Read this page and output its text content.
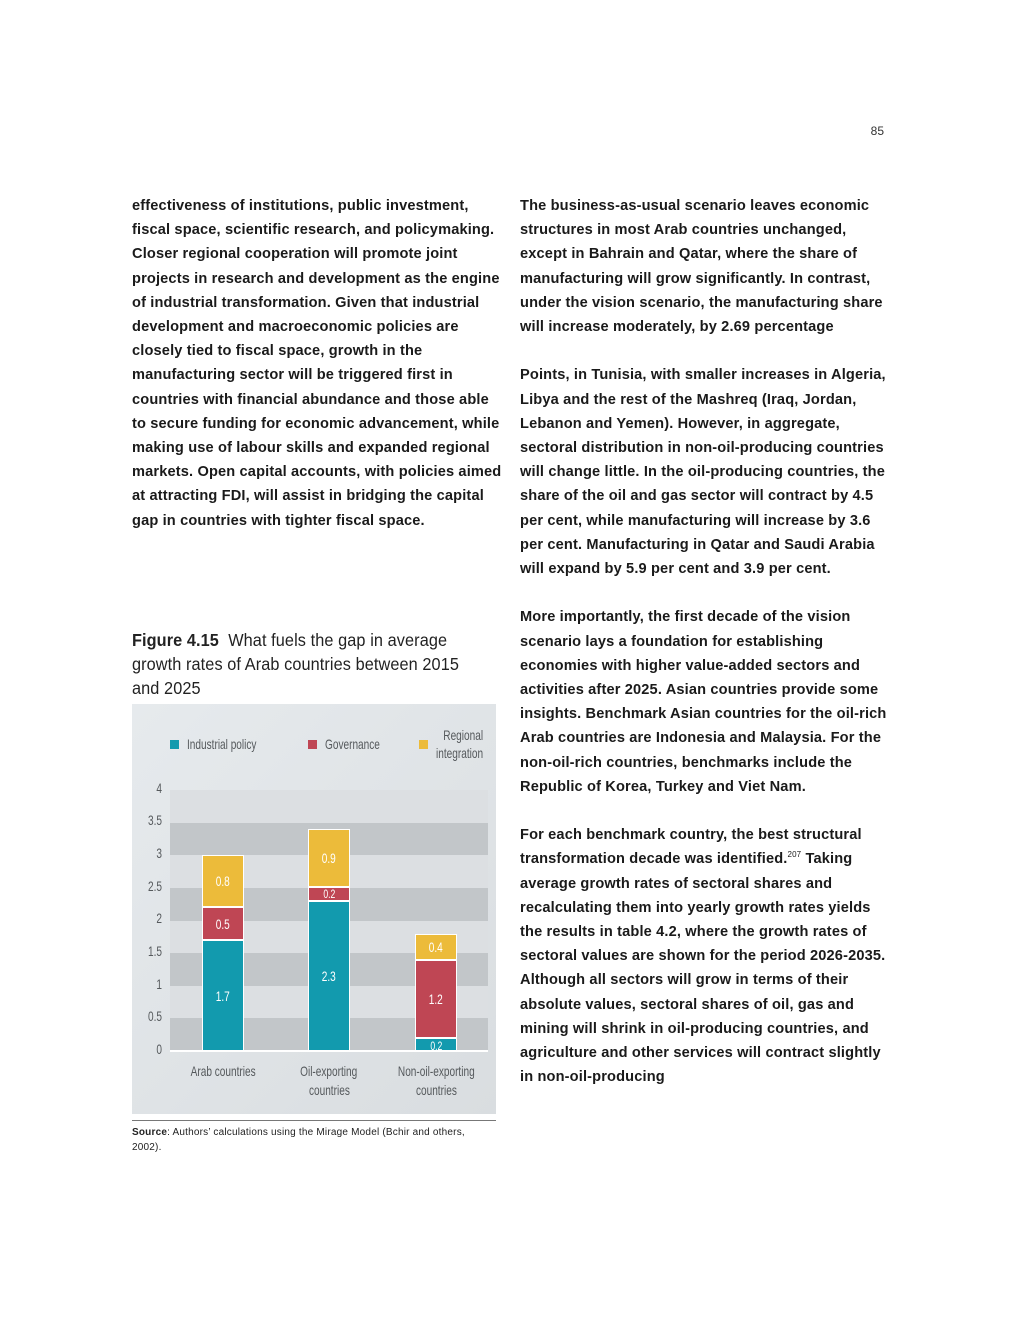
85

effectiveness of institutions, public investment, fiscal space, scientific research, and policymaking. Closer regional cooperation will promote joint projects in research and development as the engine of industrial transformation. Given that industrial development and macroeconomic policies are closely tied to fiscal space, growth in the manufacturing sector will be triggered first in countries with financial abundance and those able to secure funding for economic advancement, while making use of labour skills and expanded regional markets. Open capital accounts, with policies aimed at attracting FDI, will assist in bridging the capital gap in countries with tighter fiscal space.

Figure 4.15 What fuels the gap in average growth rates of Arab countries between 2015 and 2025
Industrial policy	Governance
Regional
integration
0
0.5
1
1.5
2
2.5
3
3.5
4
1.7
0.5
0.8
2.3
0.2
0.9
0.2
1.2
0.4
Arab countries	Oil-exporting
countries
Non-oil-exporting
countries
Source: Authors’ calculations using the Mirage Model (Bchir and others, 2002).

The business-as-usual scenario leaves economic structures in most Arab countries unchanged, except in Bahrain and Qatar, where the share of manufacturing will grow significantly. In contrast, under the vision scenario, the manufacturing share will increase moderately, by 2.69 percentage

Points, in Tunisia, with smaller increases in Algeria, Libya and the rest of the Mashreq (Iraq, Jordan, Lebanon and Yemen). However, in aggregate, sectoral distribution in non-oil-producing countries will change little. In the oil-producing countries, the share of the oil and gas sector will contract by 4.5 per cent, while manufacturing will increase by 3.6 per cent. Manufacturing in Qatar and Saudi Arabia will expand by 5.9 per cent and 3.9 per cent.

More importantly, the first decade of the vision scenario lays a foundation for establishing economies with higher value-added sectors and activities after 2025. Asian countries provide some insights. Benchmark Asian countries for the oil-rich Arab countries are Indonesia and Malaysia. For the non-oil-rich countries, benchmarks include the Republic of Korea, Turkey and Viet Nam.

For each benchmark country, the best structural transformation decade was identified.$^{207}$ Taking average growth rates of sectoral shares and recalculating them into yearly growth rates yields the results in table 4.2, where the growth rates of sectoral values are shown for the period 2026-2035. Although all sectors will grow in terms of their absolute values, sectoral shares of oil, gas and mining will shrink in oil-producing countries, and agriculture and other services will contract slightly in non-oil-producing
